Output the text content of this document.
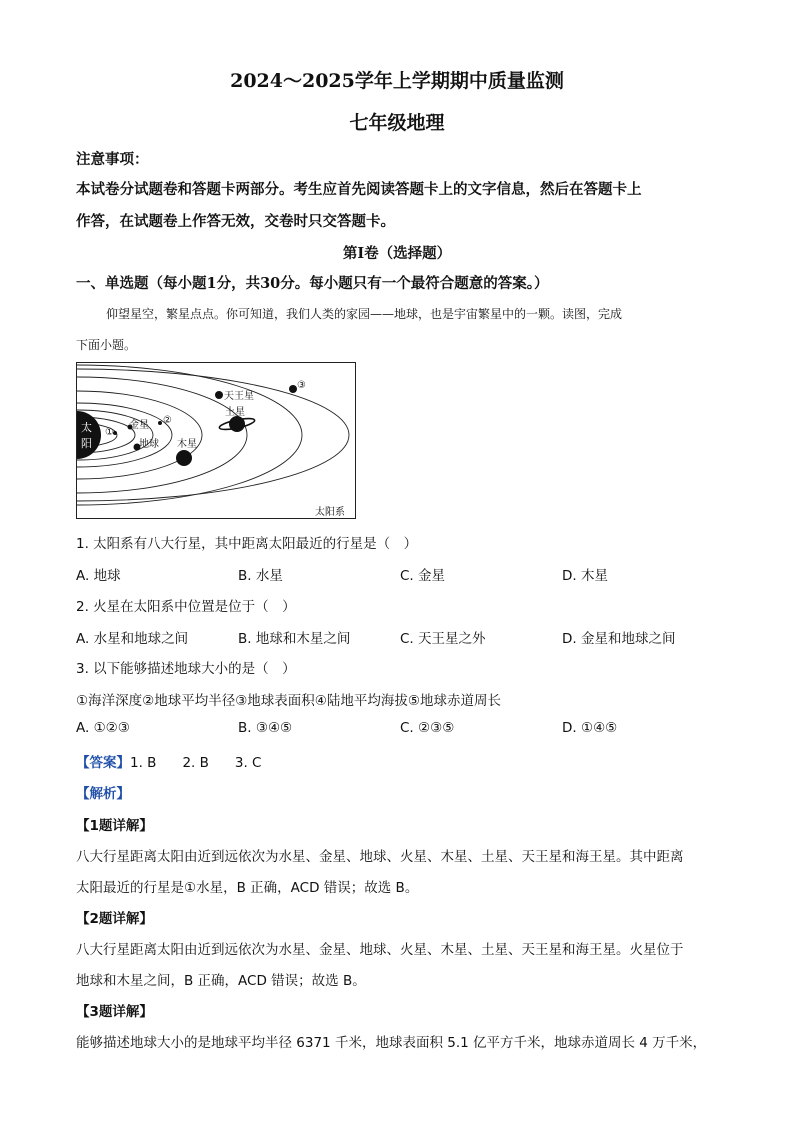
2024～2025学年上学期期中质量监测
七年级地理
注意事项：
本试卷分试题卷和答题卡两部分。考生应首先阅读答题卡上的文字信息，然后在答题卡上
作答，在试题卷上作答无效，交卷时只交答题卡。
第Ⅰ卷（选择题）
一、单选题（每小题1分，共30分。每小题只有一个最符合题意的答案。）
仰望星空，繁星点点。你可知道，我们人类的家园——地球，也是宇宙繁星中的一颗。读图，完成
下面小题。
太
阳
①
金星 ②
地球 木星
土星
天王星
③
太阳系
1. 太阳系有八大行星，其中距离太阳最近的行星是（　）
A. 地球	B. 水星	C. 金星	D. 木星
2. 火星在太阳系中位置是位于（　）
A. 水星和地球之间	B. 地球和木星之间	C. 天王星之外	D. 金星和地球之间
3. 以下能够描述地球大小的是（　）
①海洋深度②地球平均半径③地球表面积④陆地平均海拔⑤地球赤道周长
A. ①②③	B. ③④⑤	C. ②③⑤	D. ①④⑤
【答案】1. B 2. B 3. C
【解析】
【1题详解】
八大行星距离太阳由近到远依次为水星、金星、地球、火星、木星、土星、天王星和海王星。其中距离
太阳最近的行星是①水星，B 正确，ACD 错误；故选 B。
【2题详解】
八大行星距离太阳由近到远依次为水星、金星、地球、火星、木星、土星、天王星和海王星。火星位于
地球和木星之间，B 正确，ACD 错误；故选 B。
【3题详解】
能够描述地球大小的是地球平均半径 6371 千米，地球表面积 5.1 亿平方千米，地球赤道周长 4 万千米，
